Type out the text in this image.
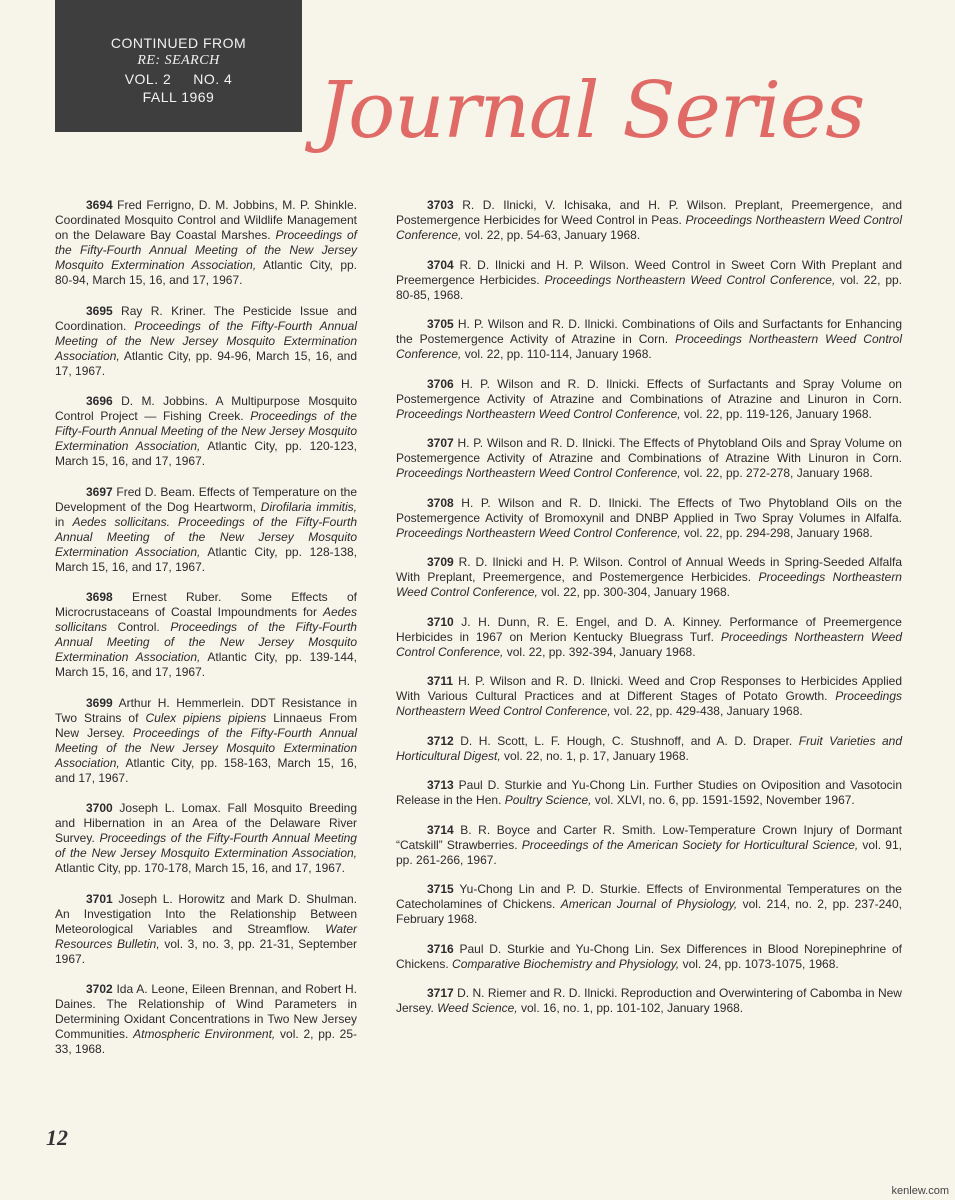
CONTINUED FROM
RE: SEARCH
VOL. 2     NO. 4
FALL 1969	Journal Series

3694 Fred Ferrigno, D. M. Jobbins, M. P. Shinkle. Coordinated Mosquito Control and Wildlife Management on the Delaware Bay Coastal Marshes. Proceedings of the Fifty-Fourth Annual Meeting of the New Jersey Mosquito Extermination Association, Atlantic City, pp. 80-94, March 15, 16, and 17, 1967.

3695 Ray R. Kriner. The Pesticide Issue and Coordination. Proceedings of the Fifty-Fourth Annual Meeting of the New Jersey Mosquito Extermination Association, Atlantic City, pp. 94-96, March 15, 16, and 17, 1967.

3696 D. M. Jobbins. A Multipurpose Mosquito Control Project — Fishing Creek. Proceedings of the Fifty-Fourth Annual Meeting of the New Jersey Mosquito Extermination Association, Atlantic City, pp. 120-123, March 15, 16, and 17, 1967.

3697 Fred D. Beam. Effects of Temperature on the Development of the Dog Heartworm, Dirofilaria immitis, in Aedes sollicitans. Proceedings of the Fifty-Fourth Annual Meeting of the New Jersey Mosquito Extermination Association, Atlantic City, pp. 128-138, March 15, 16, and 17, 1967.

3698 Ernest Ruber. Some Effects of Microcrustaceans of Coastal Impoundments for Aedes sollicitans Control. Proceedings of the Fifty-Fourth Annual Meeting of the New Jersey Mosquito Extermination Association, Atlantic City, pp. 139-144, March 15, 16, and 17, 1967.

3699 Arthur H. Hemmerlein. DDT Resistance in Two Strains of Culex pipiens pipiens Linnaeus From New Jersey. Proceedings of the Fifty-Fourth Annual Meeting of the New Jersey Mosquito Extermination Association, Atlantic City, pp. 158-163, March 15, 16, and 17, 1967.

3700 Joseph L. Lomax. Fall Mosquito Breeding and Hibernation in an Area of the Delaware River Survey. Proceedings of the Fifty-Fourth Annual Meeting of the New Jersey Mosquito Extermination Association, Atlantic City, pp. 170-178, March 15, 16, and 17, 1967.

3701 Joseph L. Horowitz and Mark D. Shulman. An Investigation Into the Relationship Between Meteorological Variables and Streamflow. Water Resources Bulletin, vol. 3, no. 3, pp. 21-31, September 1967.

3702 Ida A. Leone, Eileen Brennan, and Robert H. Daines. The Relationship of Wind Parameters in Determining Oxidant Concentrations in Two New Jersey Communities. Atmospheric Environment, vol. 2, pp. 25-33, 1968.

3703 R. D. Ilnicki, V. Ichisaka, and H. P. Wilson. Preplant, Preemergence, and Postemergence Herbicides for Weed Control in Peas. Proceedings Northeastern Weed Control Conference, vol. 22, pp. 54-63, January 1968.

3704 R. D. Ilnicki and H. P. Wilson. Weed Control in Sweet Corn With Preplant and Preemergence Herbicides. Proceedings Northeastern Weed Control Conference, vol. 22, pp. 80-85, 1968.

3705 H. P. Wilson and R. D. Ilnicki. Combinations of Oils and Surfactants for Enhancing the Postemergence Activity of Atrazine in Corn. Proceedings Northeastern Weed Control Conference, vol. 22, pp. 110-114, January 1968.

3706 H. P. Wilson and R. D. Ilnicki. Effects of Surfactants and Spray Volume on Postemergence Activity of Atrazine and Combinations of Atrazine and Linuron in Corn. Proceedings Northeastern Weed Control Conference, vol. 22, pp. 119-126, January 1968.

3707 H. P. Wilson and R. D. Ilnicki. The Effects of Phytobland Oils and Spray Volume on Postemergence Activity of Atrazine and Combinations of Atrazine With Linuron in Corn. Proceedings Northeastern Weed Control Conference, vol. 22, pp. 272-278, January 1968.

3708 H. P. Wilson and R. D. Ilnicki. The Effects of Two Phytobland Oils on the Postemergence Activity of Bromoxynil and DNBP Applied in Two Spray Volumes in Alfalfa. Proceedings Northeastern Weed Control Conference, vol. 22, pp. 294-298, January 1968.

3709 R. D. Ilnicki and H. P. Wilson. Control of Annual Weeds in Spring-Seeded Alfalfa With Preplant, Preemergence, and Postemergence Herbicides. Proceedings Northeastern Weed Control Conference, vol. 22, pp. 300-304, January 1968.

3710 J. H. Dunn, R. E. Engel, and D. A. Kinney. Performance of Preemergence Herbicides in 1967 on Merion Kentucky Bluegrass Turf. Proceedings Northeastern Weed Control Conference, vol. 22, pp. 392-394, January 1968.

3711 H. P. Wilson and R. D. Ilnicki. Weed and Crop Responses to Herbicides Applied With Various Cultural Practices and at Different Stages of Potato Growth. Proceedings Northeastern Weed Control Conference, vol. 22, pp. 429-438, January 1968.

3712 D. H. Scott, L. F. Hough, C. Stushnoff, and A. D. Draper. Fruit Varieties and Horticultural Digest, vol. 22, no. 1, p. 17, January 1968.

3713 Paul D. Sturkie and Yu-Chong Lin. Further Studies on Oviposition and Vasotocin Release in the Hen. Poultry Science, vol. XLVI, no. 6, pp. 1591-1592, November 1967.

3714 B. R. Boyce and Carter R. Smith. Low-Temperature Crown Injury of Dormant “Catskill” Strawberries. Proceedings of the American Society for Horticultural Science, vol. 91, pp. 261-266, 1967.

3715 Yu-Chong Lin and P. D. Sturkie. Effects of Environmental Temperatures on the Catecholamines of Chickens. American Journal of Physiology, vol. 214, no. 2, pp. 237-240, February 1968.

3716 Paul D. Sturkie and Yu-Chong Lin. Sex Differences in Blood Norepinephrine of Chickens. Comparative Biochemistry and Physiology, vol. 24, pp. 1073-1075, 1968.

3717 D. N. Riemer and R. D. Ilnicki. Reproduction and Overwintering of Cabomba in New Jersey. Weed Science, vol. 16, no. 1, pp. 101-102, January 1968.

12
kenlew.com
